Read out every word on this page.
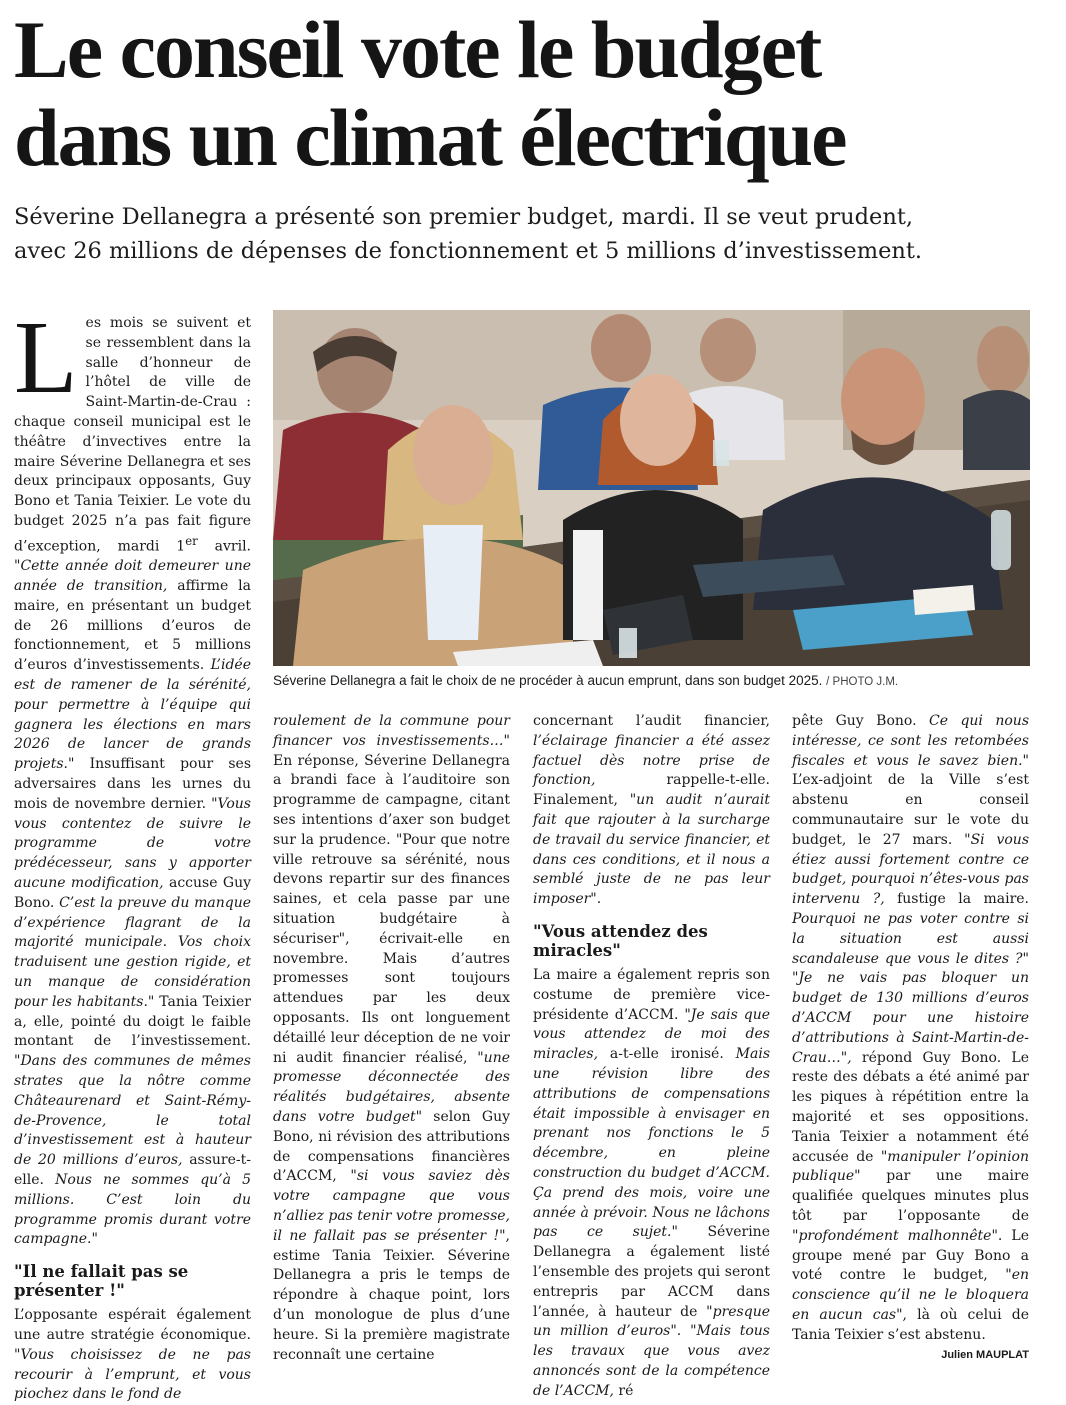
Le conseil vote le budget
dans un climat électrique
Séverine Dellanegra a présenté son premier budget, mardi. Il se veut prudent,
avec 26 millions de dépenses de fonctionnement et 5 millions d’investissement.

Séverine Dellanegra a fait le choix de ne procéder à aucun emprunt, dans son budget 2025. / PHOTO J.M.

Les mois se suivent et se ressemblent dans la salle d’honneur de l’hôtel de ville de Saint-Martin-de-Crau : chaque conseil municipal est le théâtre d’invectives entre la maire Séverine Dellanegra et ses deux principaux opposants, Guy Bono et Tania Teixier. Le vote du budget 2025 n’a pas fait figure d’exception, mardi 1er avril. "Cette année doit demeurer une année de transition, affirme la maire, en présentant un budget de 26 millions d’euros de fonctionnement, et 5 millions d’euros d’investissements. L’idée est de ramener de la sérénité, pour permettre à l’équipe qui gagnera les élections en mars 2026 de lancer de grands projets." Insuffisant pour ses adversaires dans les urnes du mois de novembre dernier. "Vous vous contentez de suivre le programme de votre prédécesseur, sans y apporter aucune modification, accuse Guy Bono. C’est la preuve du manque d’expérience flagrant de la majorité municipale. Vos choix traduisent une gestion rigide, et un manque de considération pour les habitants." Tania Teixier a, elle, pointé du doigt le faible montant de l’investissement. "Dans des communes de mêmes strates que la nôtre comme Châteaurenard et Saint-Rémy-de-Provence, le total d’investissement est à hauteur de 20 millions d’euros, assure-t-elle. Nous ne sommes qu’à 5 millions. C’est loin du programme promis durant votre campagne."

"Il ne fallait pas se présenter !"

L’opposante espérait également une autre stratégie économique. "Vous choisissez de ne pas recourir à l’emprunt, et vous piochez dans le fond de

roulement de la commune pour financer vos investissements…" En réponse, Séverine Dellanegra a brandi face à l’auditoire son programme de campagne, citant ses intentions d’axer son budget sur la prudence. "Pour que notre ville retrouve sa sérénité, nous devons repartir sur des finances saines, et cela passe par une situation budgétaire à sécuriser", écrivait-elle en novembre. Mais d’autres promesses sont toujours attendues par les deux opposants. Ils ont longuement détaillé leur déception de ne voir ni audit financier réalisé, "une promesse déconnectée des réalités budgétaires, absente dans votre budget" selon Guy Bono, ni révision des attributions de compensations financières d’ACCM, "si vous saviez dès votre campagne que vous n’alliez pas tenir votre promesse, il ne fallait pas se présenter !", estime Tania Teixier. Séverine Dellanegra a pris le temps de répondre à chaque point, lors d’un monologue de plus d’une heure. Si la première magistrate reconnaît une certaine

concernant l’audit financier, l’éclairage financier a été assez factuel dès notre prise de fonction, rappelle-t-elle. Finalement, "un audit n’aurait fait que rajouter à la surcharge de travail du service financier, et dans ces conditions, et il nous a semblé juste de ne pas leur imposer".

"Vous attendez des miracles"

La maire a également repris son costume de première vice-présidente d’ACCM. "Je sais que vous attendez de moi des miracles, a-t-elle ironisé. Mais une révision libre des attributions de compensations était impossible à envisager en prenant nos fonctions le 5 décembre, en pleine construction du budget d’ACCM. Ça prend des mois, voire une année à prévoir. Nous ne lâchons pas ce sujet." Séverine Dellanegra a également listé l’ensemble des projets qui seront entrepris par ACCM dans l’année, à hauteur de "presque un million d’euros". "Mais tous les travaux que vous avez annoncés sont de la compétence de l’ACCM, ré

pête Guy Bono. Ce qui nous intéresse, ce sont les retombées fiscales et vous le savez bien." L’ex-adjoint de la Ville s’est abstenu en conseil communautaire sur le vote du budget, le 27 mars. "Si vous étiez aussi fortement contre ce budget, pourquoi n’êtes-vous pas intervenu ?, fustige la maire. Pourquoi ne pas voter contre si la situation est aussi scandaleuse que vous le dites ?" "Je ne vais pas bloquer un budget de 130 millions d’euros d’ACCM pour une histoire d’attributions à Saint-Martin-de-Crau…", répond Guy Bono. Le reste des débats a été animé par les piques à répétition entre la majorité et ses oppositions. Tania Teixier a notamment été accusée de "manipuler l’opinion publique" par une maire qualifiée quelques minutes plus tôt par l’opposante de "profondément malhonnête". Le groupe mené par Guy Bono a voté contre le budget, "en conscience qu’il ne le bloquera en aucun cas", là où celui de Tania Teixier s’est abstenu.

Julien MAUPLAT
